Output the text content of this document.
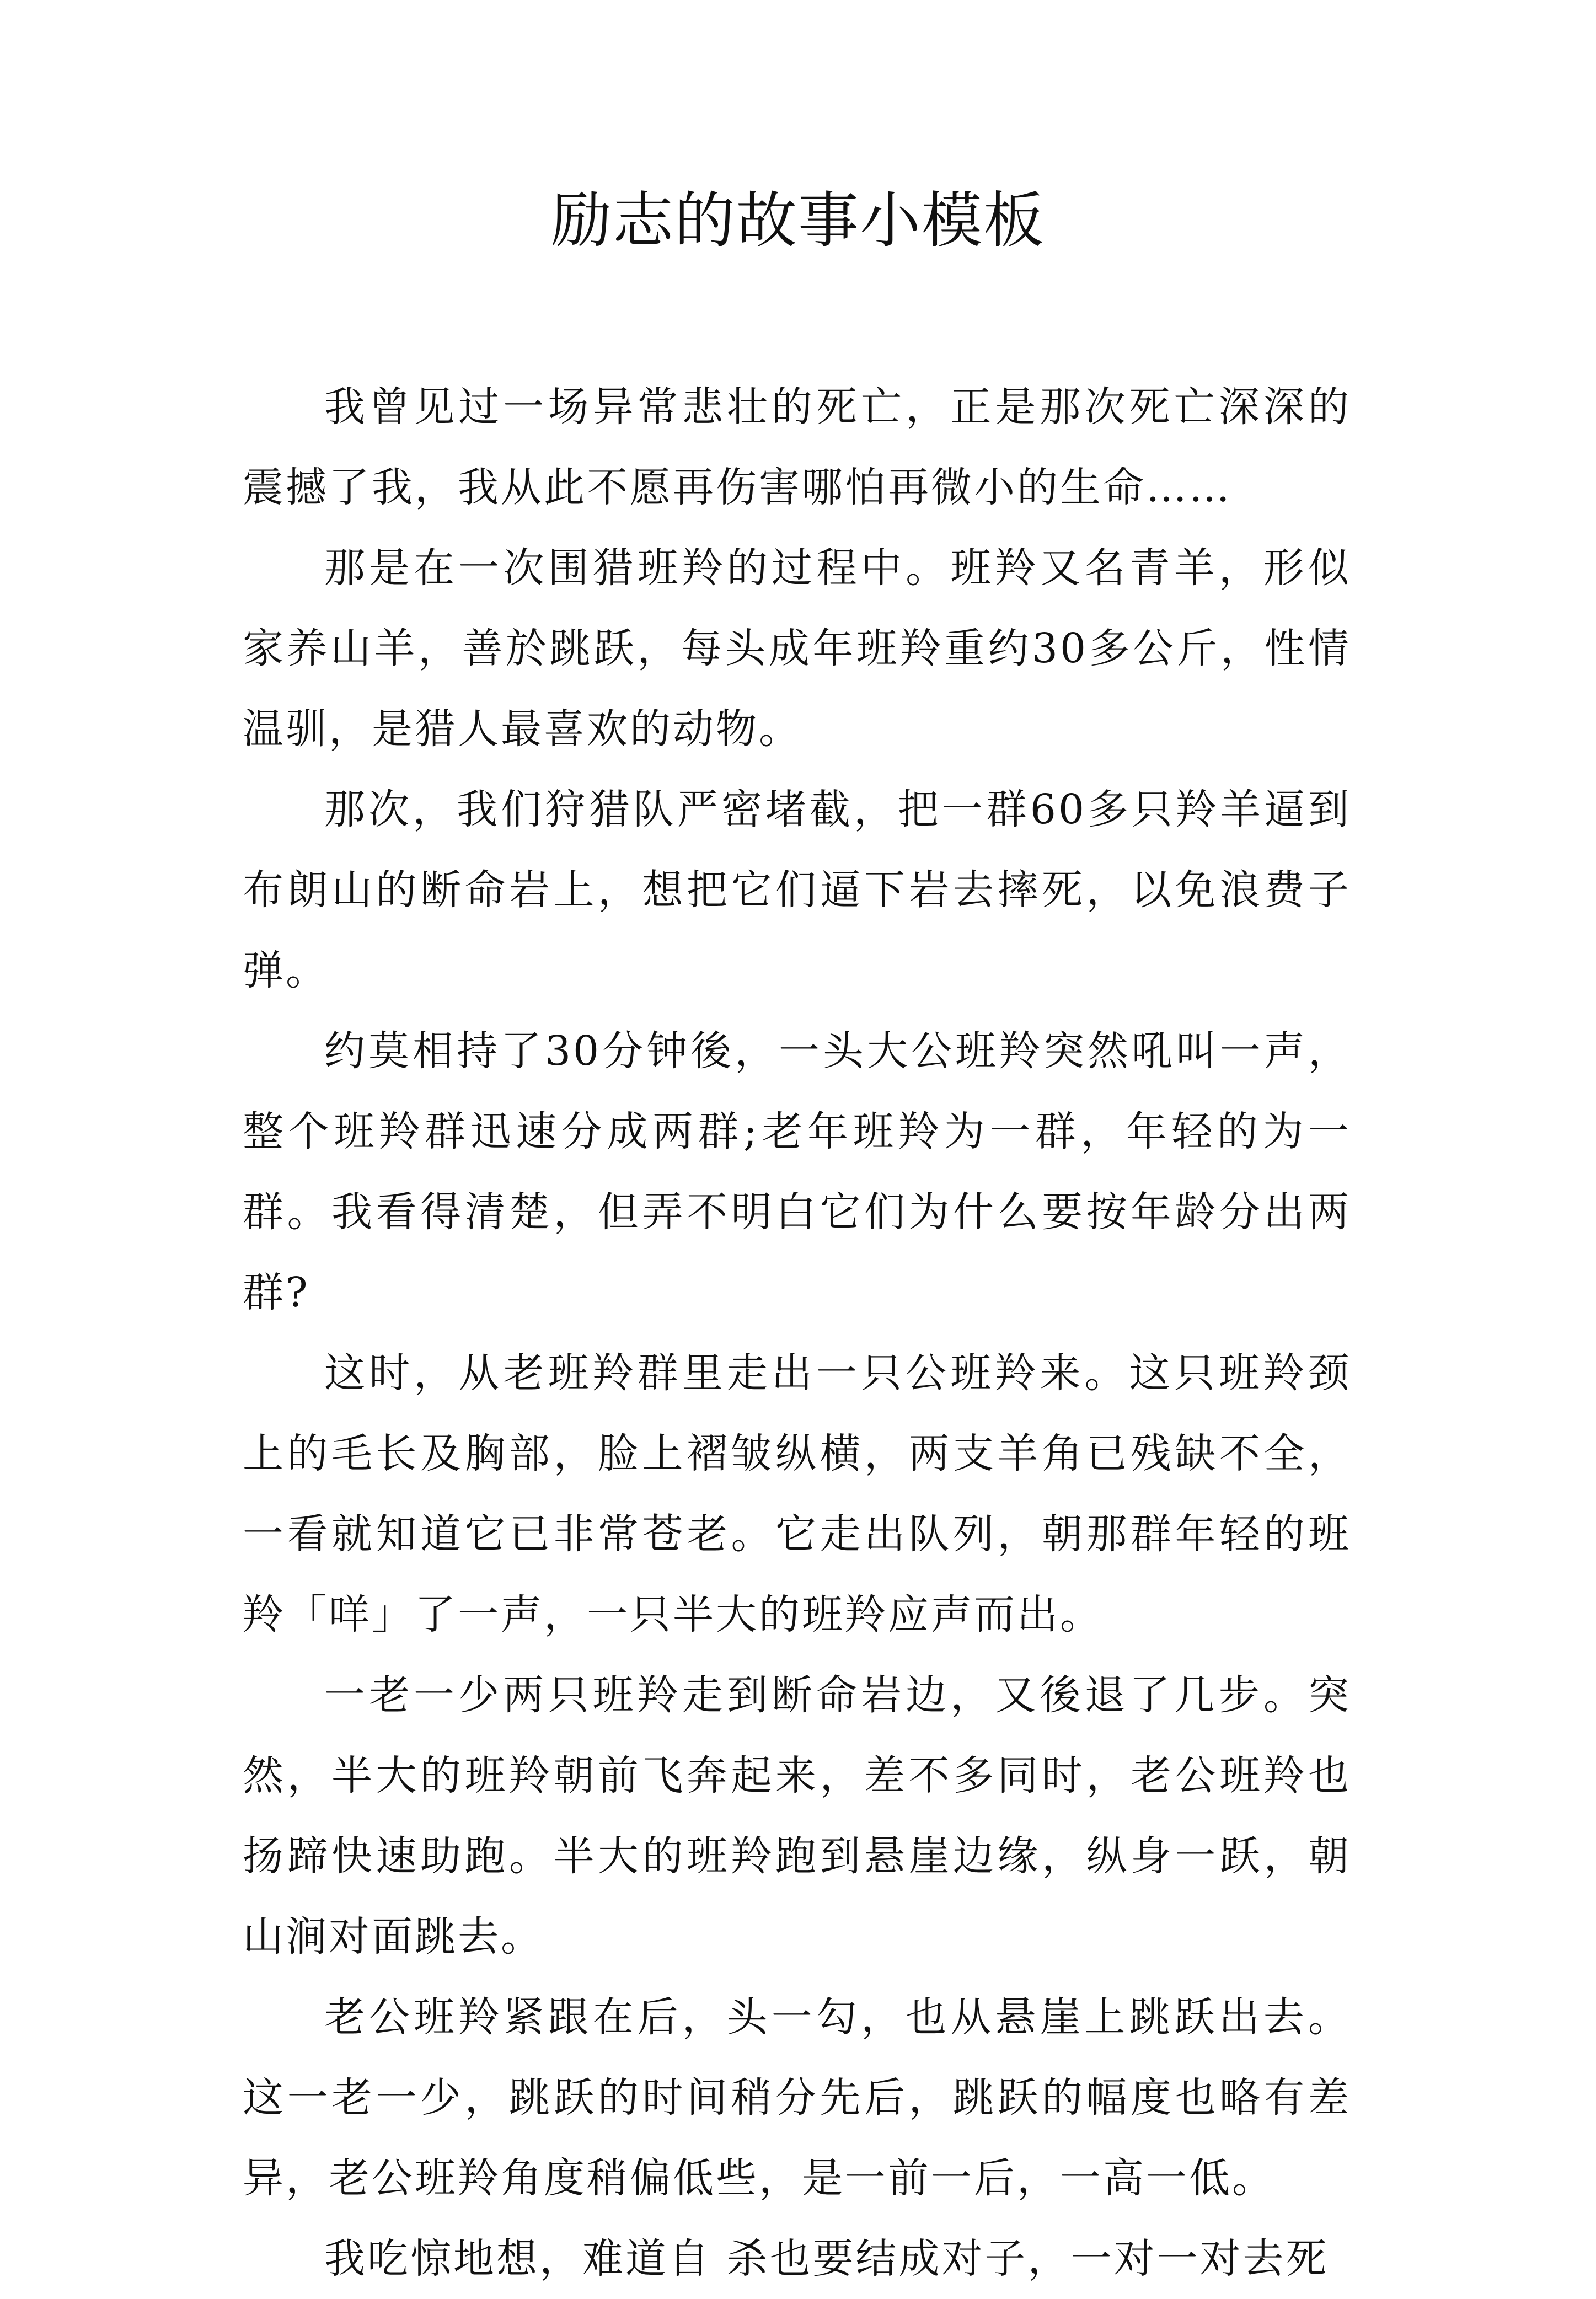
励志的故事小模板

我曾见过一场异常悲壮的死亡，正是那次死亡深深的震撼了我，我从此不愿再伤害哪怕再微小的生命……

那是在一次围猎班羚的过程中。班羚又名青羊，形似家养山羊，善於跳跃，每头成年班羚重约30多公斤，性情温驯，是猎人最喜欢的动物。

那次，我们狩猎队严密堵截，把一群60多只羚羊逼到布朗山的断命岩上，想把它们逼下岩去摔死，以免浪费子弹。

约莫相持了30分钟後，一头大公班羚突然吼叫一声，整个班羚群迅速分成两群;老年班羚为一群，年轻的为一群。我看得清楚，但弄不明白它们为什么要按年龄分出两群?

这时，从老班羚群里走出一只公班羚来。这只班羚颈上的毛长及胸部，脸上褶皱纵横，两支羊角已残缺不全，一看就知道它已非常苍老。它走出队列，朝那群年轻的班羚「咩」了一声，一只半大的班羚应声而出。

一老一少两只班羚走到断命岩边，又後退了几步。突然，半大的班羚朝前飞奔起来，差不多同时，老公班羚也扬蹄快速助跑。半大的班羚跑到悬崖边缘，纵身一跃，朝山涧对面跳去。

老公班羚紧跟在后，头一勾，也从悬崖上跳跃出去。这一老一少，跳跃的时间稍分先后，跳跃的幅度也略有差异，老公班羚角度稍偏低些，是一前一后，一高一低。

我吃惊地想，难道自 杀也要结成对子，一对一对去死
